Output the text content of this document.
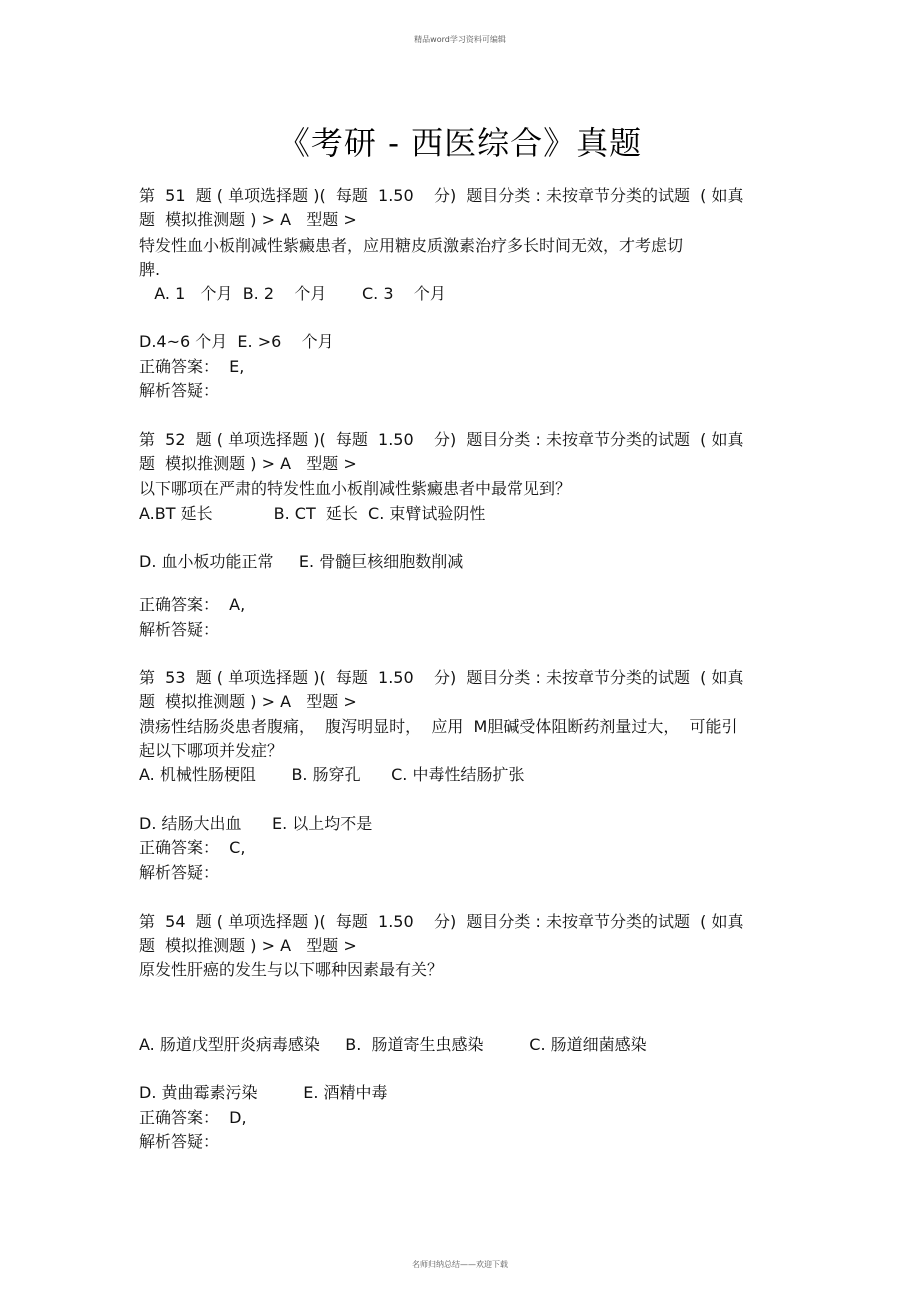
精品word学习资料可编辑
《考研 - 西医综合》真题
第  51  题 ( 单项选择题 )(  每题  1.50    分)  题目分类 : 未按章节分类的试题  ( 如真
题  模拟推测题 ) > A   型题 >
特发性血小板削减性紫癜患者，应用糖皮质激素治疗多长时间无效，才考虑切
脾.
A. 1   个月  B. 2    个月       C. 3    个月
D.4~6 个月  E. >6    个月
正确答案：  E,
解析答疑：
第  52  题 ( 单项选择题 )(  每题  1.50    分)  题目分类 : 未按章节分类的试题  ( 如真
题  模拟推测题 ) > A   型题 >
以下哪项在严肃的特发性血小板削减性紫癜患者中最常见到？
A.BT 延长            B. CT  延长  C. 束臂试验阴性
D. 血小板功能正常     E. 骨髓巨核细胞数削减
正确答案：  A,
解析答疑：
第  53  题 ( 单项选择题 )(  每题  1.50    分)  题目分类 : 未按章节分类的试题  ( 如真
题  模拟推测题 ) > A   型题 >
溃疡性结肠炎患者腹痛，  腹泻明显时，  应用  M胆碱受体阻断药剂量过大，  可能引
起以下哪项并发症？
A. 机械性肠梗阻       B. 肠穿孔      C. 中毒性结肠扩张
D. 结肠大出血      E. 以上均不是
正确答案：  C,
解析答疑：
第  54  题 ( 单项选择题 )(  每题  1.50    分)  题目分类 : 未按章节分类的试题  ( 如真
题  模拟推测题 ) > A   型题 >
原发性肝癌的发生与以下哪种因素最有关？
A. 肠道戊型肝炎病毒感染     B.  肠道寄生虫感染         C. 肠道细菌感染
D. 黄曲霉素污染         E. 酒精中毒
正确答案：  D,
解析答疑：
名师归纳总结——欢迎下载
